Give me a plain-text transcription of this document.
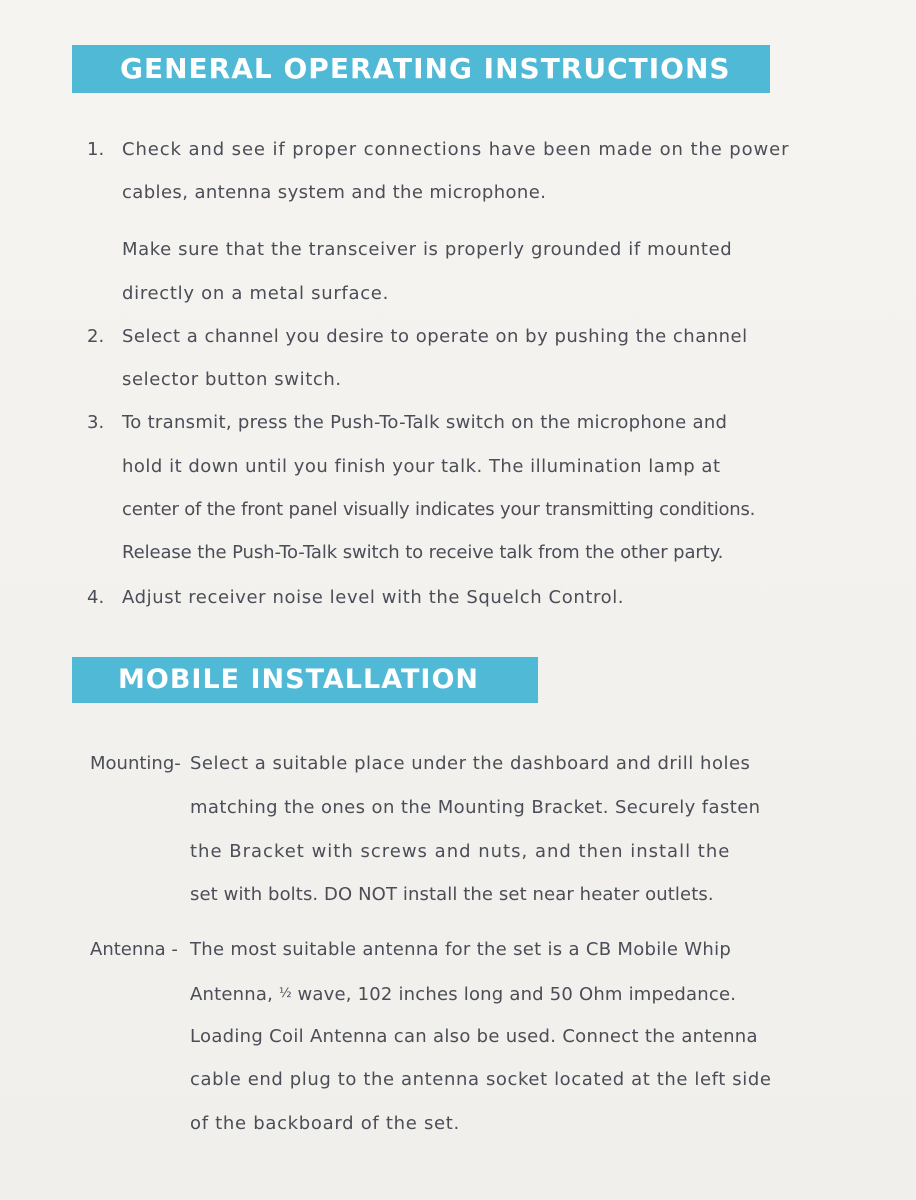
GENERAL OPERATING INSTRUCTIONS
1. Check and see if proper connections have been made on the power
cables, antenna system and the microphone.
Make sure that the transceiver is properly grounded if mounted
directly on a metal surface.
2. Select a channel you desire to operate on by pushing the channel
selector button switch.
3. To transmit, press the Push-To-Talk switch on the microphone and
hold it down until you finish your talk. The illumination lamp at
center of the front panel visually indicates your transmitting conditions.
Release the Push-To-Talk switch to receive talk from the other party.
4. Adjust receiver noise level with the Squelch Control.
MOBILE INSTALLATION
Mounting- Select a suitable place under the dashboard and drill holes
matching the ones on the Mounting Bracket. Securely fasten
the Bracket with screws and nuts, and then install the
set with bolts. DO NOT install the set near heater outlets.
Antenna - The most suitable antenna for the set is a CB Mobile Whip
Antenna, ½ wave, 102 inches long and 50 Ohm impedance.
Loading Coil Antenna can also be used. Connect the antenna
cable end plug to the antenna socket located at the left side
of the backboard of the set.
